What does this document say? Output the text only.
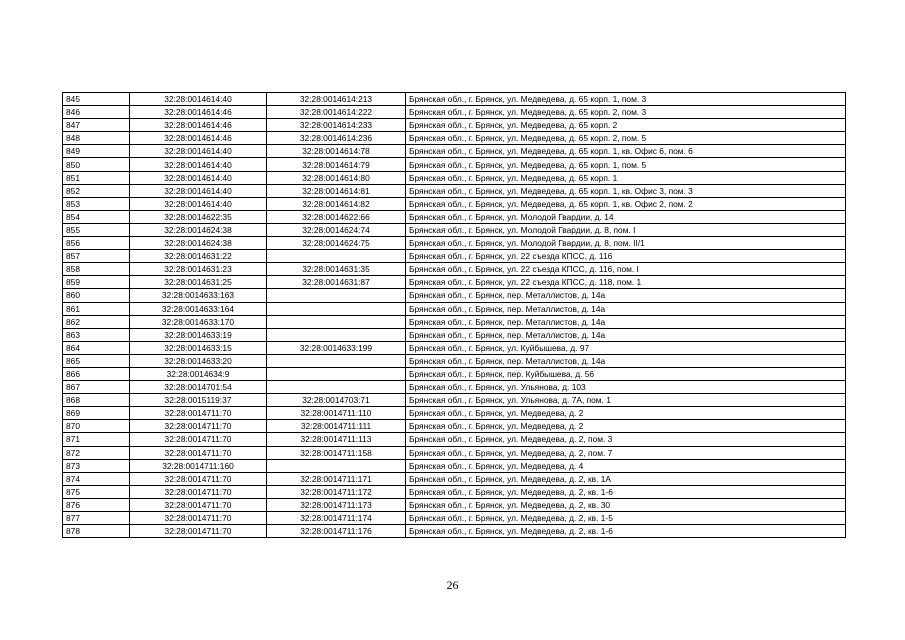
845	32:28:0014614:40	32:28:0014614:213	Брянская обл., г. Брянск, ул. Медведева, д. 65 корп. 1, пом. 3
846	32:28:0014614:46	32:28:0014614:222	Брянская обл., г. Брянск, ул. Медведева, д. 65 корп. 2, пом. 3
847	32:28:0014614:46	32:28:0014614:233	Брянская обл., г. Брянск, ул. Медведева, д. 65 корп. 2
848	32:28:0014614:46	32:28:0014614:236	Брянская обл., г. Брянск, ул. Медведева, д. 65 корп. 2, пом. 5
849	32:28:0014614:40	32:28:0014614:78	Брянская обл., г. Брянск, ул. Медведева, д. 65 корп. 1, кв. Офис 6, пом. 6
850	32:28:0014614:40	32:28:0014614:79	Брянская обл., г. Брянск, ул. Медведева, д. 65 корп. 1, пом. 5
851	32:28:0014614:40	32:28:0014614:80	Брянская обл., г. Брянск, ул. Медведева, д. 65 корп. 1
852	32:28:0014614:40	32:28:0014614:81	Брянская обл., г. Брянск, ул. Медведева, д. 65 корп. 1, кв. Офис 3, пом. 3
853	32:28:0014614:40	32:28:0014614:82	Брянская обл., г. Брянск, ул. Медведева, д. 65 корп. 1, кв. Офис 2, пом. 2
854	32:28:0014622:35	32:28:0014622:66	Брянская обл., г. Брянск, ул. Молодой Гвардии, д. 14
855	32:28:0014624:38	32:28:0014624:74	Брянская обл., г. Брянск, ул. Молодой Гвардии, д. 8, пом. I
856	32:28:0014624:38	32:28:0014624:75	Брянская обл., г. Брянск, ул. Молодой Гвардии, д. 8, пом. II/1
857	32:28:0014631:22		Брянская обл., г. Брянск, ул. 22 съезда КПСС, д. 116
858	32:28:0014631:23	32:28:0014631:35	Брянская обл., г. Брянск, ул. 22 съезда КПСС, д. 116, пом. I
859	32:28:0014631:25	32:28:0014631:87	Брянская обл., г. Брянск, ул. 22 съезда КПСС, д. 118, пом. 1
860	32:28:0014633:163		Брянская обл., г. Брянск, пер. Металлистов, д. 14а
861	32:28:0014633:164		Брянская обл., г. Брянск, пер. Металлистов, д. 14а
862	32:28:0014633:170		Брянская обл., г. Брянск, пер. Металлистов, д. 14а
863	32:28:0014633:19		Брянская обл., г. Брянск, пер. Металлистов, д. 14а
864	32:28:0014633:15	32:28:0014633:199	Брянская обл., г. Брянск, ул. Куйбышева, д. 97
865	32:28:0014633:20		Брянская обл., г. Брянск, пер. Металлистов, д. 14а
866	32:28:0014634:9		Брянская обл., г. Брянск, пер. Куйбышева, д. 56
867	32:28:0014701:54		Брянская обл., г. Брянск, ул. Ульянова, д. 103
868	32:28:0015119:37	32:28:0014703:71	Брянская обл., г. Брянск, ул. Ульянова, д. 7А, пом. 1
869	32:28:0014711:70	32:28:0014711:110	Брянская обл., г. Брянск, ул. Медведева, д. 2
870	32:28:0014711:70	32:28:0014711:111	Брянская обл., г. Брянск, ул. Медведева, д. 2
871	32:28:0014711:70	32:28:0014711:113	Брянская обл., г. Брянск, ул. Медведева, д. 2, пом. 3
872	32:28:0014711:70	32:28:0014711:158	Брянская обл., г. Брянск, ул. Медведева, д. 2, пом. 7
873	32:28:0014711:160		Брянская обл., г. Брянск, ул. Медведева, д. 4
874	32:28:0014711:70	32:28:0014711:171	Брянская обл., г. Брянск, ул. Медведева, д. 2, кв. 1А
875	32:28:0014711:70	32:28:0014711:172	Брянская обл., г. Брянск, ул. Медведева, д. 2, кв. 1-6
876	32:28:0014711:70	32:28:0014711:173	Брянская обл., г. Брянск, ул. Медведева, д. 2, кв. 30
877	32:28:0014711:70	32:28:0014711:174	Брянская обл., г. Брянск, ул. Медведева, д. 2, кв. 1-5
878	32:28:0014711:70	32:28:0014711:176	Брянская обл., г. Брянск, ул. Медведева, д. 2, кв. 1-6
26
